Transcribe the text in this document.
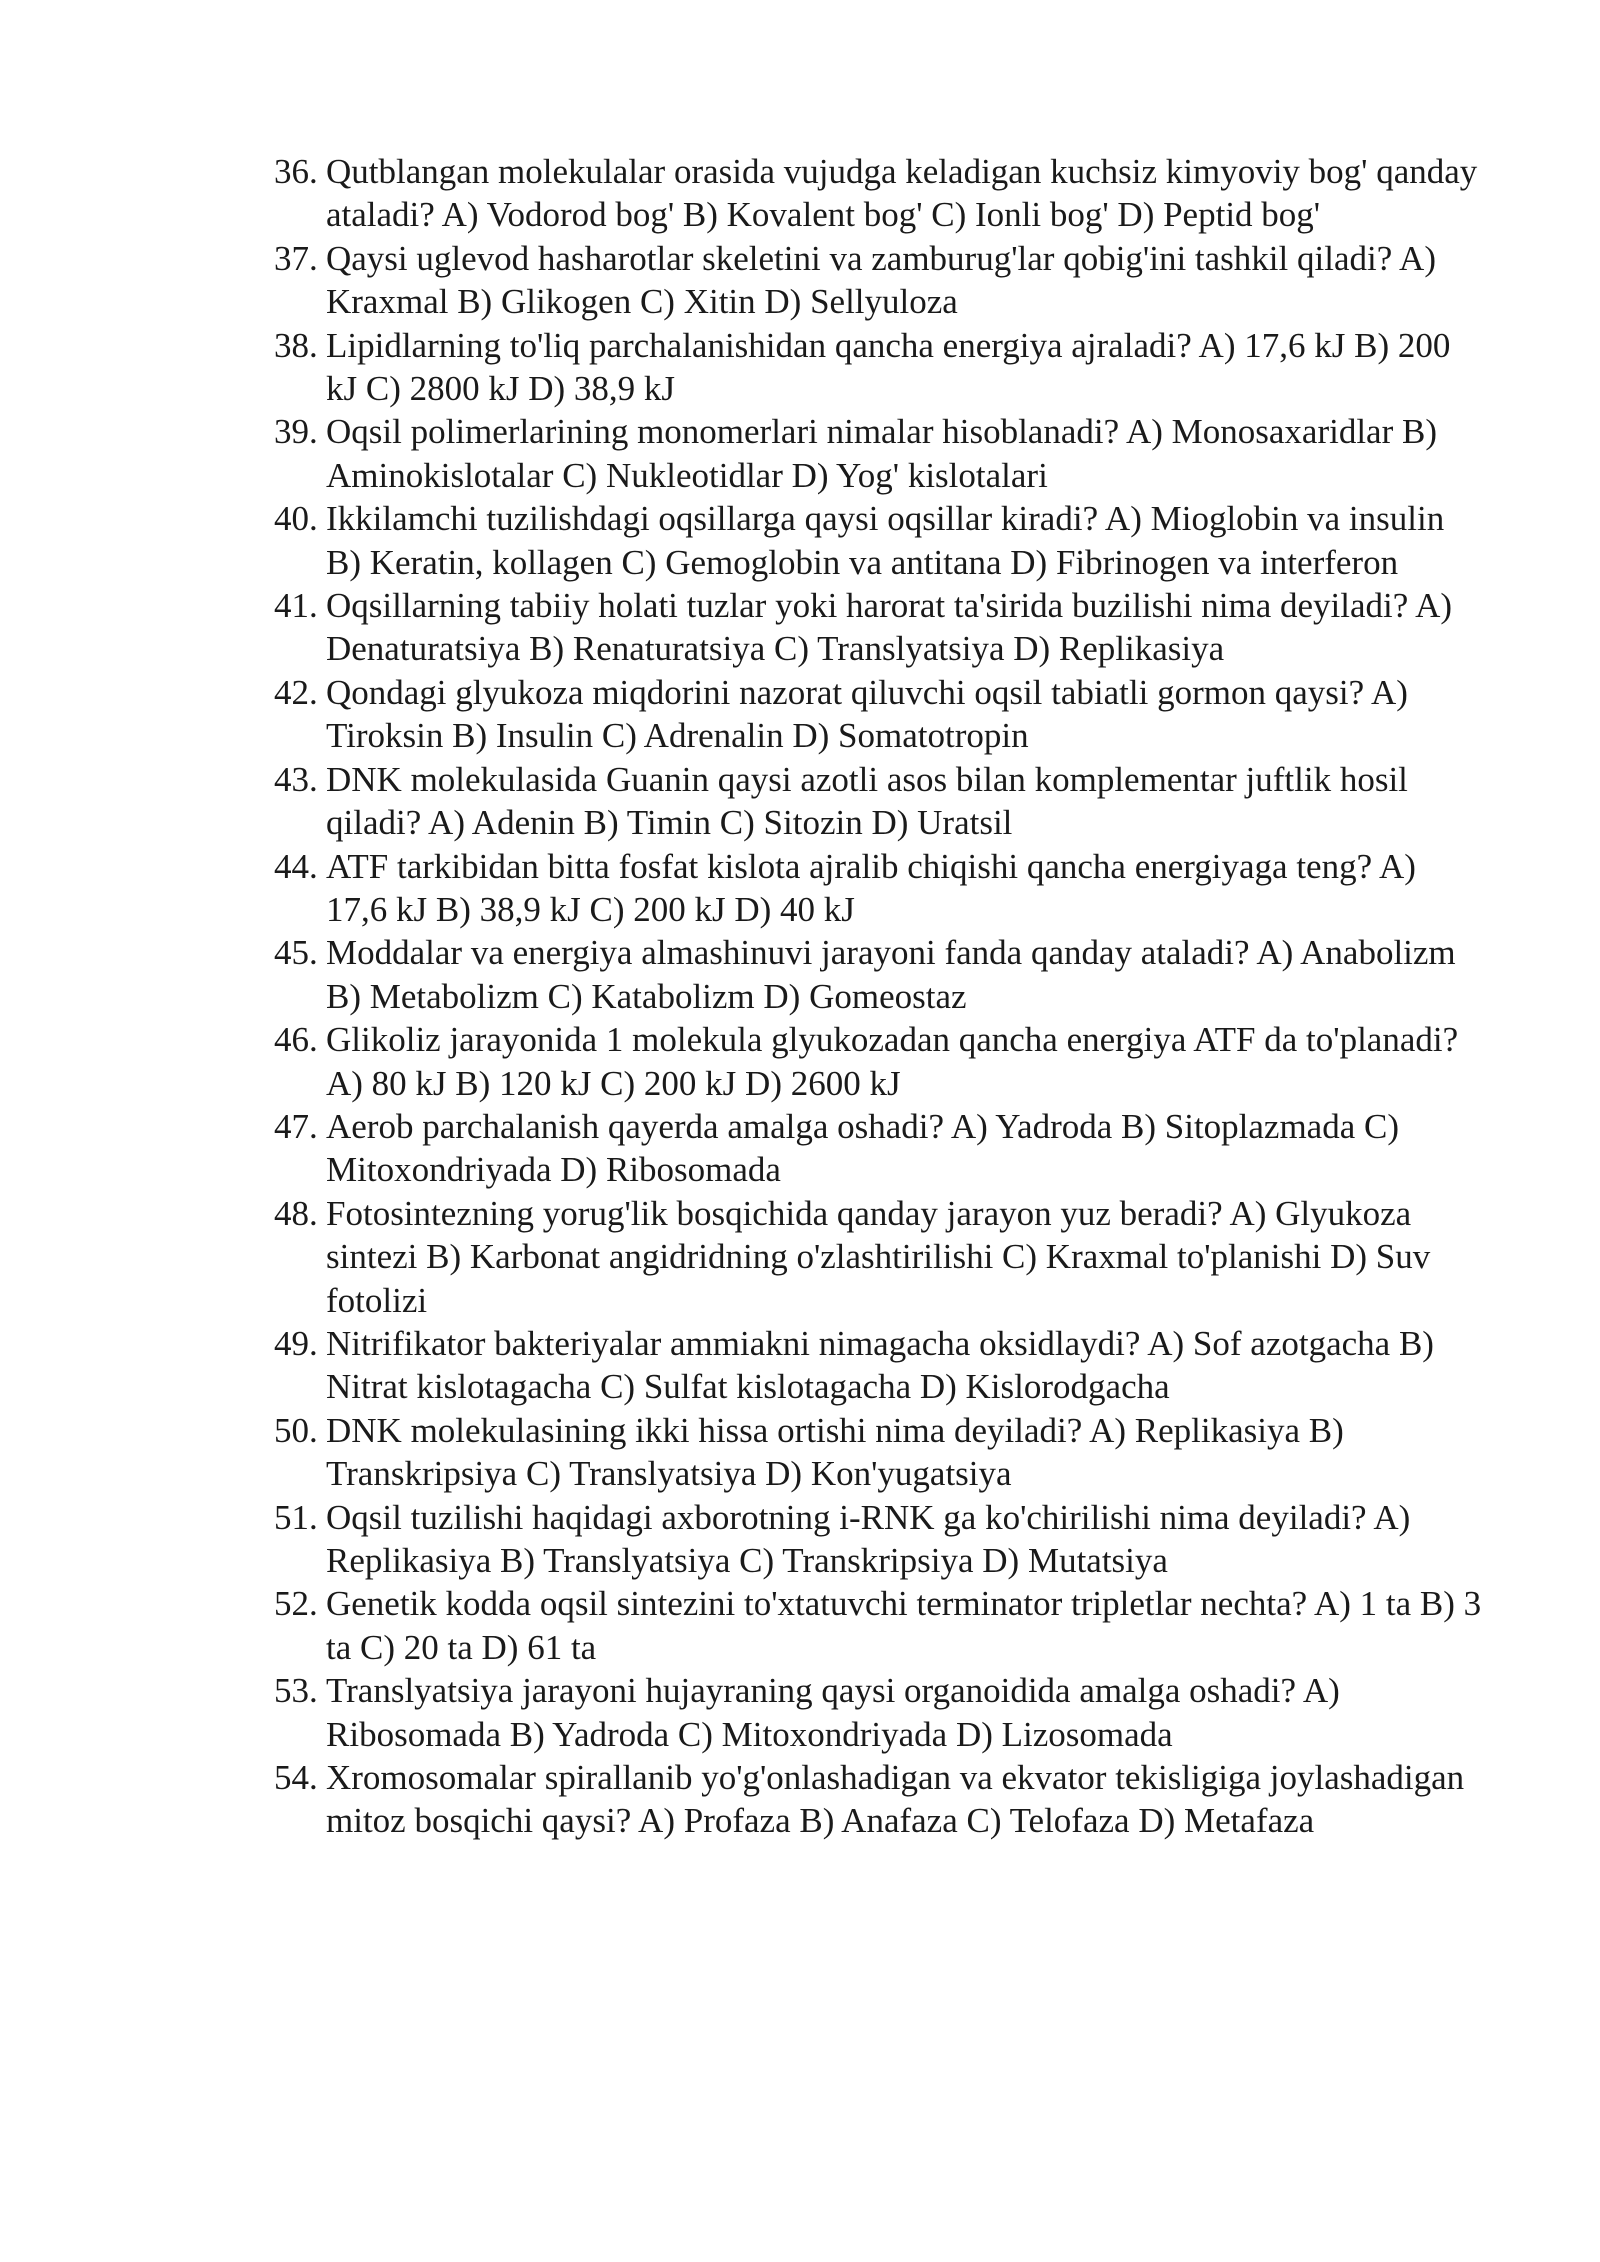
36. Qutblangan molekulalar orasida vujudga keladigan kuchsiz kimyoviy bog' qanday ataladi? A) Vodorod bog' B) Kovalent bog' C) Ionli bog' D) Peptid bog'
37. Qaysi uglevod hasharotlar skeletini va zamburug'lar qobig'ini tashkil qiladi? A) Kraxmal B) Glikogen C) Xitin D) Sellyuloza
38. Lipidlarning to'liq parchalanishidan qancha energiya ajraladi? A) 17,6 kJ B) 200 kJ C) 2800 kJ D) 38,9 kJ
39. Oqsil polimerlarining monomerlari nimalar hisoblanadi? A) Monosaxaridlar B) Aminokislotalar C) Nukleotidlar D) Yog' kislotalari
40. Ikkilamchi tuzilishdagi oqsillarga qaysi oqsillar kiradi? A) Mioglobin va insulin B) Keratin, kollagen C) Gemoglobin va antitana D) Fibrinogen va interferon
41. Oqsillarning tabiiy holati tuzlar yoki harorat ta'sirida buzilishi nima deyiladi? A) Denaturatsiya B) Renaturatsiya C) Translyatsiya D) Replikasiya
42. Qondagi glyukoza miqdorini nazorat qiluvchi oqsil tabiatli gormon qaysi? A) Tiroksin B) Insulin C) Adrenalin D) Somatotropin
43. DNK molekulasida Guanin qaysi azotli asos bilan komplementar juftlik hosil qiladi? A) Adenin B) Timin C) Sitozin D) Uratsil
44. ATF tarkibidan bitta fosfat kislota ajralib chiqishi qancha energiyaga teng? A) 17,6 kJ B) 38,9 kJ C) 200 kJ D) 40 kJ
45. Moddalar va energiya almashinuvi jarayoni fanda qanday ataladi? A) Anabolizm B) Metabolizm C) Katabolizm D) Gomeostaz
46. Glikoliz jarayonida 1 molekula glyukozadan qancha energiya ATF da to'planadi? A) 80 kJ B) 120 kJ C) 200 kJ D) 2600 kJ
47. Aerob parchalanish qayerda amalga oshadi? A) Yadroda B) Sitoplazmada C) Mitoxondriyada D) Ribosomada
48. Fotosintezning yorug'lik bosqichida qanday jarayon yuz beradi? A) Glyukoza sintezi B) Karbonat angidridning o'zlashtirilishi C) Kraxmal to'planishi D) Suv fotolizi
49. Nitrifikator bakteriyalar ammiakni nimagacha oksidlaydi? A) Sof azotgacha B) Nitrat kislotagacha C) Sulfat kislotagacha D) Kislorodgacha
50. DNK molekulasining ikki hissa ortishi nima deyiladi? A) Replikasiya B) Transkripsiya C) Translyatsiya D) Kon'yugatsiya
51. Oqsil tuzilishi haqidagi axborotning i-RNK ga ko'chirilishi nima deyiladi? A) Replikasiya B) Translyatsiya C) Transkripsiya D) Mutatsiya
52. Genetik kodda oqsil sintezini to'xtatuvchi terminator tripletlar nechta? A) 1 ta B) 3 ta C) 20 ta D) 61 ta
53. Translyatsiya jarayoni hujayraning qaysi organoidida amalga oshadi? A) Ribosomada B) Yadroda C) Mitoxondriyada D) Lizosomada
54. Xromosomalar spirallanib yo'g'onlashadigan va ekvator tekisligiga joylashadigan mitoz bosqichi qaysi? A) Profaza B) Anafaza C) Telofaza D) Metafaza
